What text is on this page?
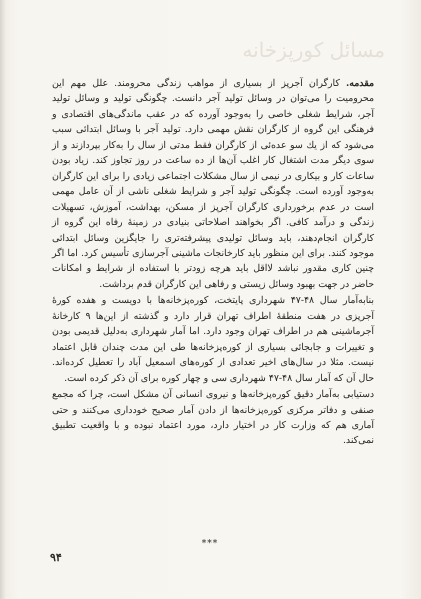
مسائل کورپزخانه

مقدمه. کارگران آجرپز از بسیاری از مواهب زندگی محرومند. علل مهم این محرومیت را می‌توان در وسائل تولید آجر دانست. چگونگی تولید و وسائل تولید آجر، شرایط شغلی خاصی را به‌وجود آورده که در عقب ماندگی‌های اقتصادی و فرهنگی این گروه از کارگران نقش مهمی دارد. تولید آجر با وسائل ابتدائی سبب می‌شود که از یك سو عده‌ئی از کارگران فقط مدتی از سال را به‌کار بپردازند و از سوی دیگر مدت اشتغال کار اغلب آن‌ها از ده ساعت در روز تجاوز کند. زیاد بودن ساعات کار و بیکاری در نیمی از سال مشکلات اجتماعی زیادی را برای این کارگران به‌وجود آورده است. چگونگی تولید آجر و شرایط شغلی ناشی از آن عامل مهمی است در عدم برخورداری کارگران آجرپز از مسکن، بهداشت، آموزش، تسهیلات زندگی و درآمد کافی. اگر بخواهند اصلاحاتی بنیادی در زمینهٔ رفاه این گروه از کارگران انجام‌دهند، باید وسائل تولیدی پیشرفته‌تری را جایگزین وسائل ابتدائی موجود کنند. برای این منظور باید کارخانجات ماشینی آجرسازی تأسیس کرد. اما اگر چنین کاری مقدور نباشد لااقل باید هرچه زودتر با استفاده از شرایط و امکانات حاضر در جهت بهبود وسائل زیستی و رفاهی این کارگران قدم برداشت.

بنابه‌آمار سال ۴۸-۴۷ شهرداری پایتخت، کوره‌پزخانه‌ها با دویست و هفده کورهٔ آجرپزی در هفت منطقهٔ اطراف تهران قرار دارد و گذشته از این‌ها ۹ کارخانهٔ آجرماشینی هم در اطراف تهران وجود دارد. اما آمار شهرداری به‌دلیل قدیمی بودن و تغییرات و جابجائی بسیاری از کوره‌پزخانه‌ها طی این مدت چندان قابل اعتماد نیست. مثلا در سال‌های اخیر تعدادی از کوره‌های اسمعیل آباد را تعطیل کرده‌اند. حال آن که آمار سال ۴۸-۴۷ شهرداری سی و چهار کوره برای آن ذکر کرده است.

دستیابی به‌آمار دقیق کوره‌پزخانه‌ها و نیروی انسانی آن مشکل است، چرا که مجمع صنفی و دفاتر مرکزی کوره‌پزخانه‌ها از دادن آمار صحیح خودداری می‌کنند و حتی آماری هم که وزارت کار در اختیار دارد، مورد اعتماد نبوده و با واقعیت تطبیق نمی‌کند.

***
۹۴
